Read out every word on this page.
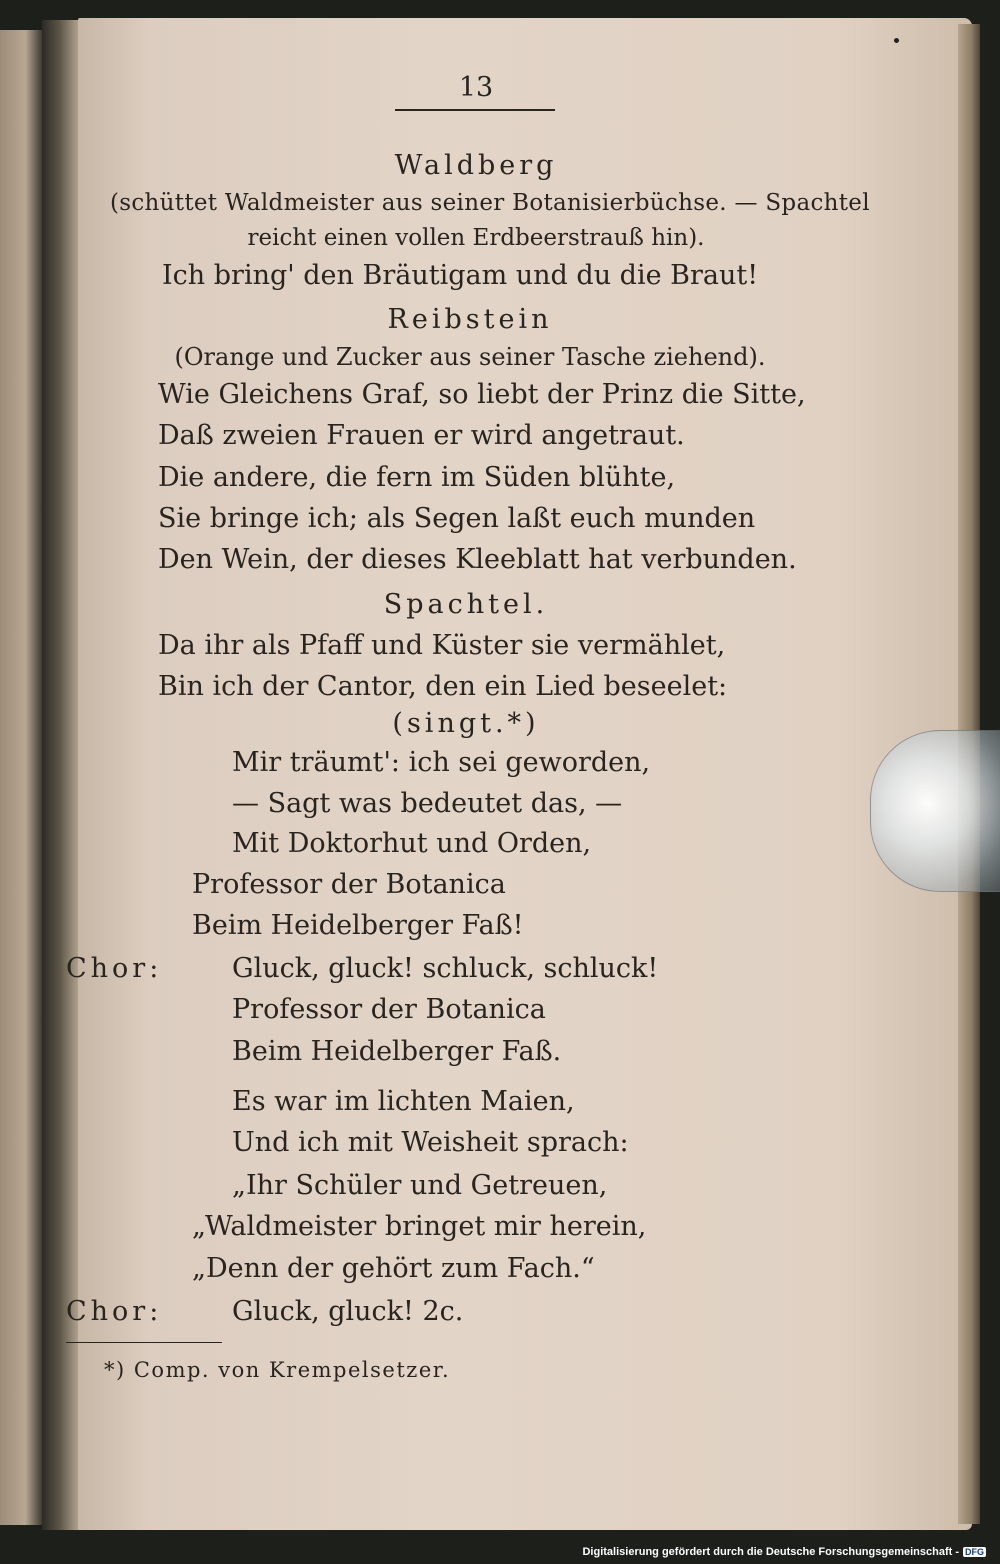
13
Waldberg
(schüttet Waldmeister aus seiner Botanisierbüchse. — Spachtel
reicht einen vollen Erdbeerstrauß hin).
Ich bring' den Bräutigam und du die Braut!
Reibstein
(Orange und Zucker aus seiner Tasche ziehend).
Wie Gleichens Graf, so liebt der Prinz die Sitte,
Daß zweien Frauen er wird angetraut.
Die andere, die fern im Süden blühte,
Sie bringe ich; als Segen laßt euch munden
Den Wein, der dieses Kleeblatt hat verbunden.
Spachtel.
Da ihr als Pfaff und Küster sie vermählet,
Bin ich der Cantor, den ein Lied beseelet:
(singt.*)
Mir träumt': ich sei geworden,
— Sagt was bedeutet das, —
Mit Doktorhut und Orden,
Professor der Botanica
Beim Heidelberger Faß!
Chor:	Gluck, gluck! schluck, schluck!
Professor der Botanica
Beim Heidelberger Faß.
Es war im lichten Maien,
Und ich mit Weisheit sprach:
„Ihr Schüler und Getreuen,
„Waldmeister bringet mir herein,
„Denn der gehört zum Fach.“
Chor:	Gluck, gluck! 2c.
*) Comp. von Krempelsetzer.
Digitalisierung gefördert durch die Deutsche Forschungsgemeinschaft - DFG
